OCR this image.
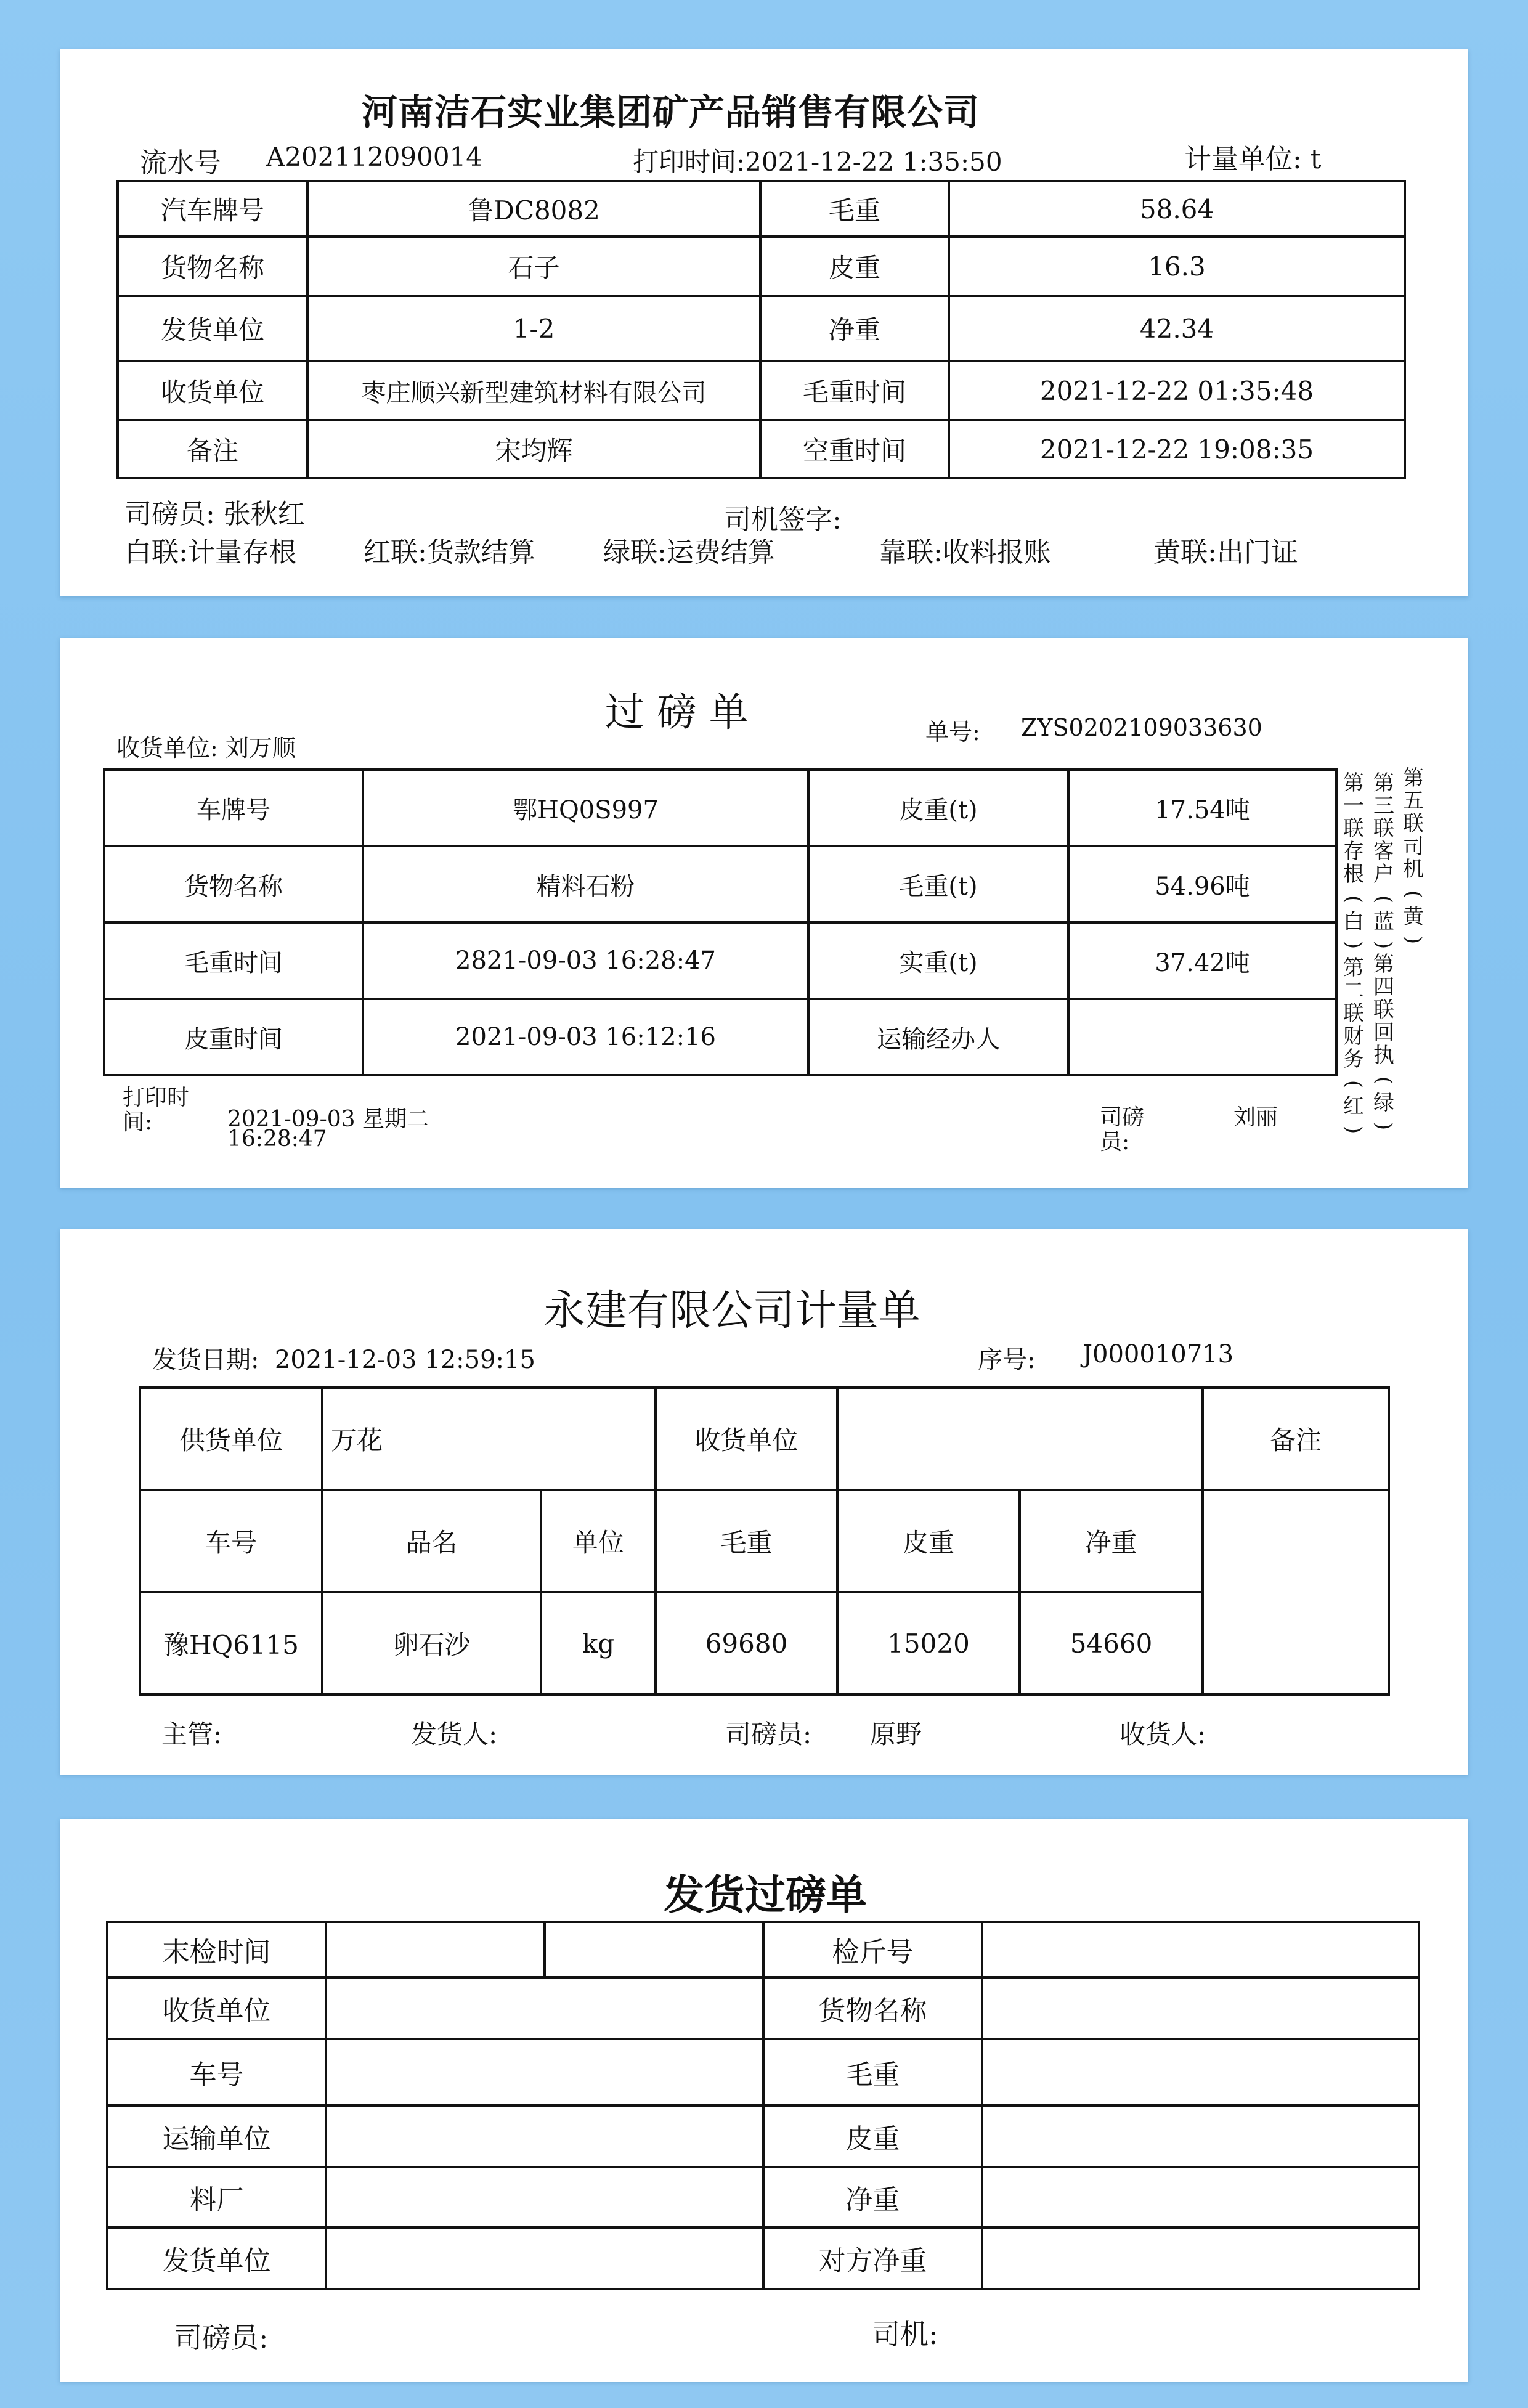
河南洁石实业集团矿产品销售有限公司
流水号 A202112090014	打印时间:2021-12-22 1:35:50	计量单位: t
汽车牌号	鲁DC8082	毛重	58.64
货物名称	石子	皮重	16.3
发货单位	1-2	净重	42.34
收货单位	枣庄顺兴新型建筑材料有限公司	毛重时间	2021-12-22 01:35:48
备注	宋均辉	空重时间	2021-12-22 19:08:35
司磅员: 张秋红	司机签字:
白联:计量存根 红联:货款结算	绿联:运费结算	靠联:收料报账	黄联:出门证
过 磅 单
收货单位: 刘万顺
单号: ZYS0202109033630
车牌号	鄂HQ0S997	皮重(t)	17.54吨
货物名称	精料石粉	毛重(t)	54.96吨
毛重时间	2821-09-03 16:28:47	实重(t)	37.42吨
皮重时间	2021-09-03 16:12:16	运输经办人	
打印时
间:	2021-09-03 星期二
16:28:47
司磅
员:
刘丽
第
五
联
司
机
(
黄
)
第
三
联
客
户
(
蓝
)
第
一
联
存
根
(
白
)
第
四
联
回
执
(
绿
)
第
二
联
财
务
(
红
)
永建有限公司计量单
发货日期:  2021-12-03 12:59:15	序号: J000010713
供货单位	万花		收货单位			备注
车号	品名	单位	毛重	皮重	净重	
豫HQ6115	卵石沙	kg	69680	15020	54660	
主管:	发货人:	司磅员: 原野	收货人:
发货过磅单
末检时间			检斤号	
收货单位			货物名称	
车号			毛重	
运输单位			皮重	
料厂			净重	
发货单位			对方净重	
司磅员:	司机:
